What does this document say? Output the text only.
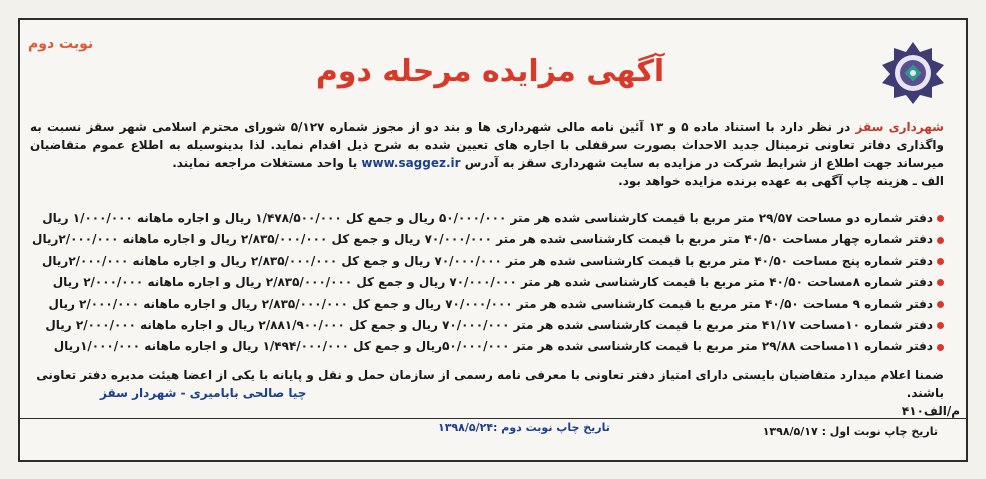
نوبت دوم
آگهی مزایده مرحله دوم
شهرداری سقز در نظر دارد با استناد ماده ۵ و ۱۳ آئین نامه مالی شهرداری ها و بند دو از مجوز شماره ۵/۱۲۷ شورای محترم اسلامی شهر سقز نسبت به واگذاری دفاتر تعاونی ترمینال جدید الاحداث بصورت سرقفلی با اجاره های تعیین شده به شرح ذیل اقدام نماید. لذا بدینوسیله به اطلاع عموم متقاضیان میرساند جهت اطلاع از شرایط شرکت در مزایده به سایت شهرداری سقز به آدرس www.saggez.ir یا واحد مستغلات مراجعه نمایند.
الف ـ هزینه چاپ آگهی به عهده برنده مزایده خواهد بود.
دفتر شماره دو مساحت ۲۹/۵۷ متر مربع با قیمت کارشناسی شده هر متر ۵۰/۰۰۰/۰۰۰ ریال و جمع کل ۱/۴۷۸/۵۰۰/۰۰۰ ریال و اجاره ماهانه ۱/۰۰۰/۰۰۰ ریال
دفتر شماره چهار مساحت ۴۰/۵۰ متر مربع با قیمت کارشناسی شده هر متر ۷۰/۰۰۰/۰۰۰ ریال و جمع کل ۲/۸۳۵/۰۰۰/۰۰۰ ریال و اجاره ماهانه ۲/۰۰۰/۰۰۰ریال
دفتر شماره پنج مساحت ۴۰/۵۰ متر مربع با قیمت کارشناسی شده هر متر ۷۰/۰۰۰/۰۰۰ ریال و جمع کل ۲/۸۳۵/۰۰۰/۰۰۰ ریال و اجاره ماهانه ۲/۰۰۰/۰۰۰ریال
دفتر شماره ۸مساحت ۴۰/۵۰ متر مربع با قیمت کارشناسی شده هر متر ۷۰/۰۰۰/۰۰۰ ریال و جمع کل ۲/۸۳۵/۰۰۰/۰۰۰ ریال و اجاره ماهانه ۲/۰۰۰/۰۰۰ ریال
دفتر شماره ۹ مساحت ۴۰/۵۰ متر مربع با قیمت کارشناسی شده هر متر ۷۰/۰۰۰/۰۰۰ ریال و جمع کل ۲/۸۳۵/۰۰۰/۰۰۰ ریال و اجاره ماهانه ۲/۰۰۰/۰۰۰ ریال
دفتر شماره ۱۰مساحت ۴۱/۱۷ متر مربع با قیمت کارشناسی شده هر متر ۷۰/۰۰۰/۰۰۰ ریال و جمع کل ۲/۸۸۱/۹۰۰/۰۰۰ ریال و اجاره ماهانه ۲/۰۰۰/۰۰۰ ریال
دفتر شماره ۱۱مساحت ۲۹/۸۸ متر مربع با قیمت کارشناسی شده هر متر ۵۰/۰۰۰/۰۰۰ریال و جمع کل ۱/۴۹۴/۰۰۰/۰۰۰ ریال و اجاره ماهانه ۱/۰۰۰/۰۰۰ریال
ضمنا اعلام میدارد متقاضیان بایستی دارای امتیاز دفتر تعاونی با معرفی نامه رسمی از سازمان حمل و نقل و پایانه با یکی از اعضا هیئت مدیره دفتر تعاونی باشند.
چیا صالحی بابامیری - شهردار سقز
م/الف۴۱۰
تاریخ چاپ نوبت اول : ۱۳۹۸/۵/۱۷
تاریخ چاپ نوبت دوم :۱۳۹۸/۵/۲۴
